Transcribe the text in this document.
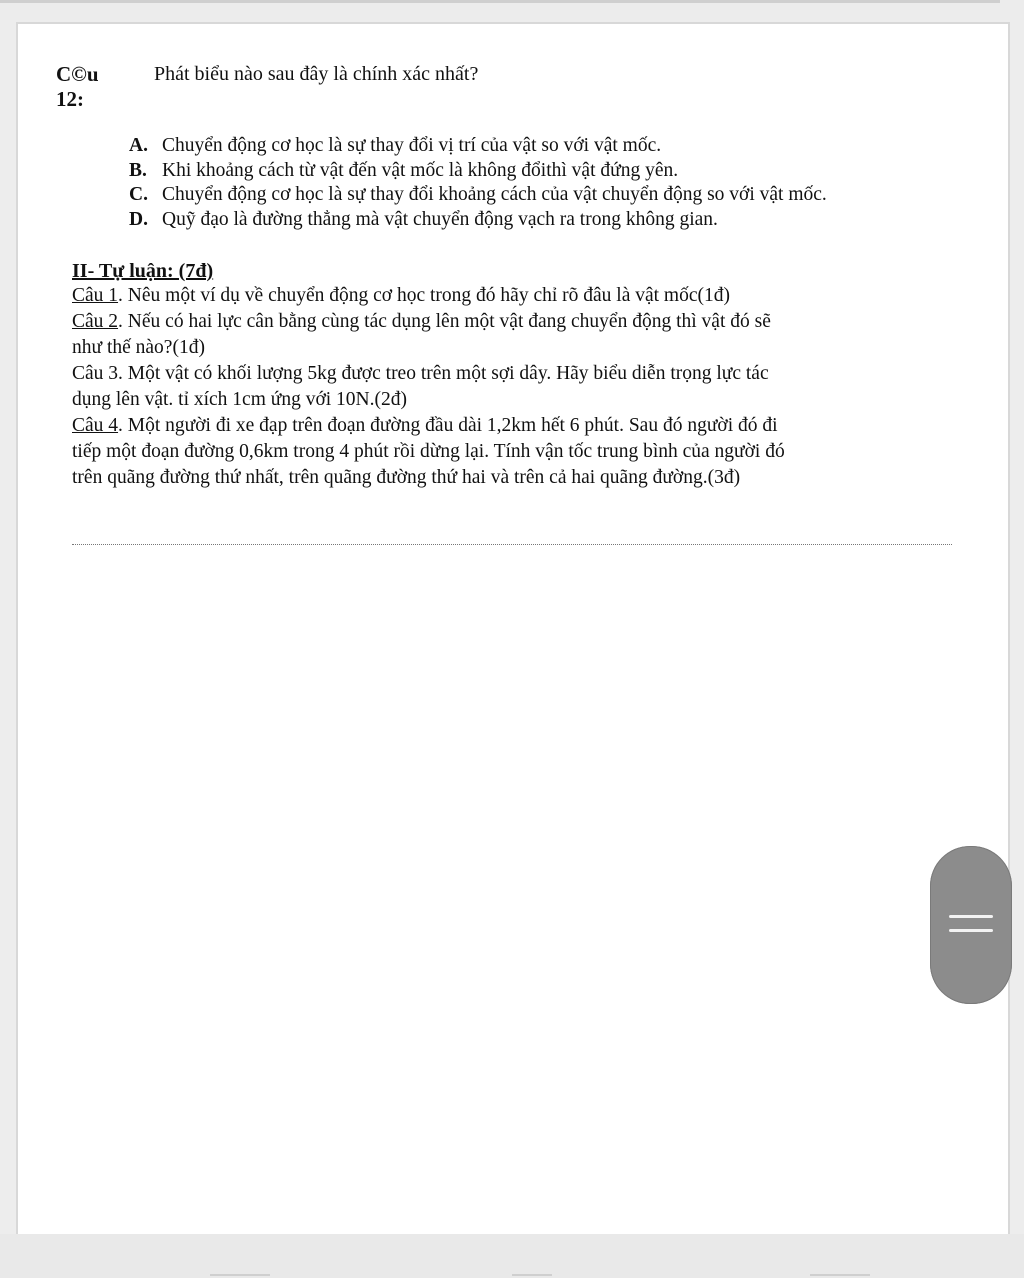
C©u
12:
Phát biểu nào sau đây là chính xác nhất?
A. Chuyển động cơ học là sự thay đổi vị trí của vật so với vật mốc.
B. Khi khoảng cách từ vật đến vật mốc là không đổithì vật đứng yên.
C. Chuyển động cơ học là sự thay đổi khoảng cách của vật chuyển động so với vật mốc.
D. Quỹ đạo là đường thẳng mà vật chuyển động vạch ra trong không gian.
II- Tự luận: (7đ)

Câu 1. Nêu một ví dụ về chuyển động cơ học trong đó hãy chỉ rõ đâu là vật mốc(1đ)

Câu 2. Nếu có hai lực cân bằng cùng tác dụng lên một vật đang chuyển động thì vật đó sẽ

như thế nào?(1đ)

Câu 3. Một vật có khối lượng 5kg được treo trên một sợi dây. Hãy biểu diễn trọng lực tác

dụng lên vật. tỉ xích 1cm ứng với 10N.(2đ)

Câu 4. Một người đi xe đạp trên đoạn đường đầu dài 1,2km hết 6 phút. Sau đó người đó đi

tiếp một đoạn đường 0,6km trong 4 phút rồi dừng lại. Tính vận tốc trung bình của người đó

trên quãng đường thứ nhất, trên quãng đường thứ hai và trên cả hai quãng đường.(3đ)
